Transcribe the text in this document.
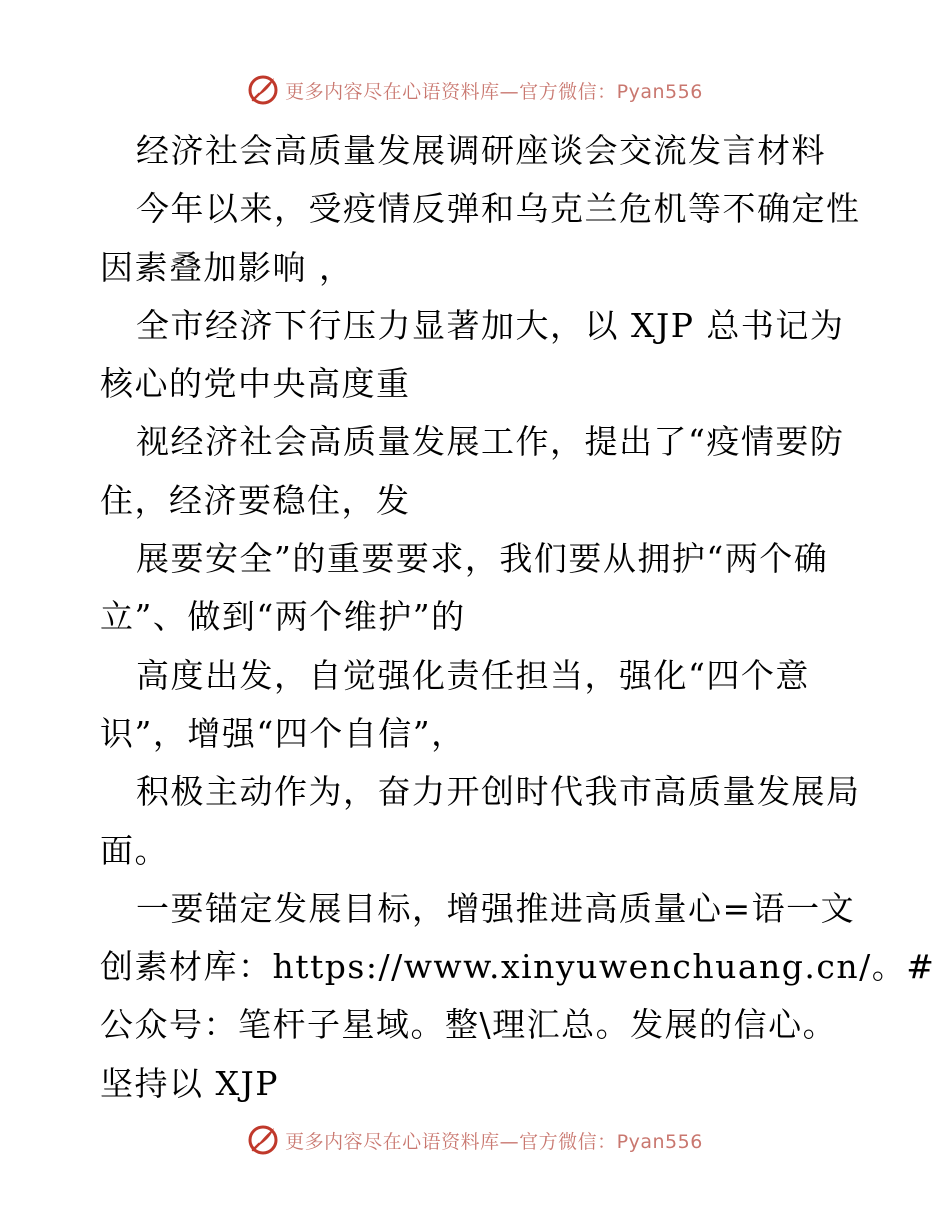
更多内容尽在心语资料库—官方微信：Pyan556
经济社会高质量发展调研座谈会交流发言材料
今年以来，受疫情反弹和乌克兰危机等不确定性
因素叠加影响 ，
全市经济下行压力显著加大，以 XJP 总书记为
核心的党中央高度重
视经济社会高质量发展工作，提出了“疫情要防
住，经济要稳住，发
展要安全”的重要要求，我们要从拥护“两个确
立”、做到“两个维护”的
高度出发，自觉强化责任担当，强化“四个意
识”，增强“四个自信”，
积极主动作为，奋力开创时代我市高质量发展局
面。
一要锚定发展目标，增强推进高质量心=语一文
创素材库：https://www.xinyuwenchuang.cn/。#
公众号：笔杆子星域。整\理汇总。发展的信心。
坚持以 XJP
更多内容尽在心语资料库—官方微信：Pyan556
